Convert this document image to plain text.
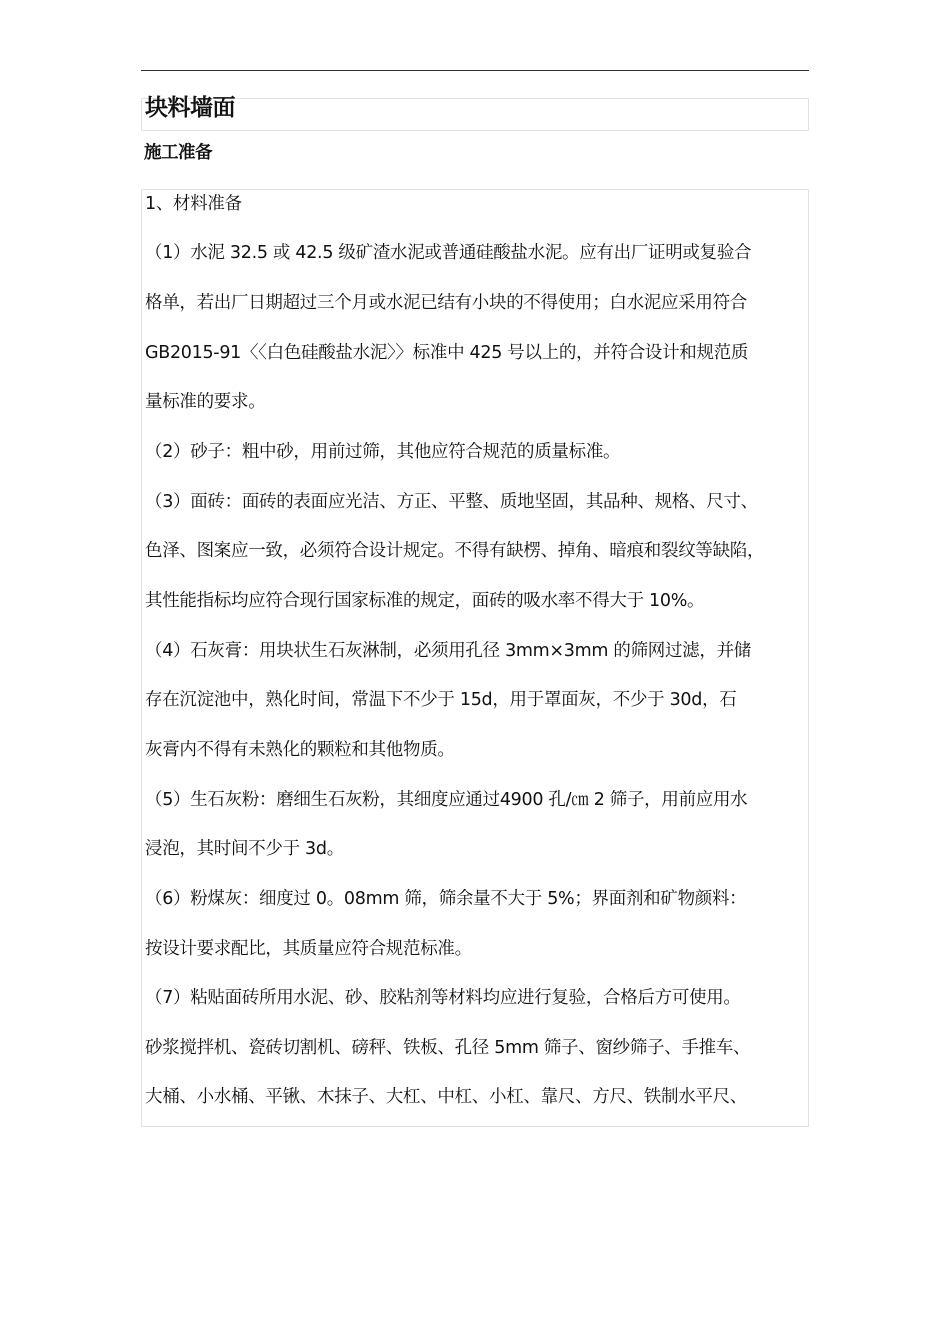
块料墙面
施工准备

1、材料准备

（1）水泥 32.5 或 42.5 级矿渣水泥或普通硅酸盐水泥。应有出厂证明或复验合

格单，若出厂日期超过三个月或水泥已结有小块的不得使用；白水泥应采用符合

GB2015-91〈〈白色硅酸盐水泥〉〉标准中 425 号以上的，并符合设计和规范质

量标准的要求。

（2）砂子：粗中砂，用前过筛，其他应符合规范的质量标准。

（3）面砖：面砖的表面应光洁、方正、平整、质地坚固，其品种、规格、尺寸、

色泽、图案应一致，必须符合设计规定。不得有缺楞、掉角、暗痕和裂纹等缺陷，

其性能指标均应符合现行国家标准的规定，面砖的吸水率不得大于 10%。

（4）石灰膏：用块状生石灰淋制，必须用孔径 3mm×3mm 的筛网过滤，并储

存在沉淀池中，熟化时间，常温下不少于 15d，用于罩面灰，不少于 30d，石

灰膏内不得有未熟化的颗粒和其他物质。

（5）生石灰粉：磨细生石灰粉，其细度应通过4900 孔/㎝ 2 筛子，用前应用水

浸泡，其时间不少于 3d。

（6）粉煤灰：细度过 0。08mm 筛，筛余量不大于 5%；界面剂和矿物颜料：

按设计要求配比，其质量应符合规范标准。

（7）粘贴面砖所用水泥、砂、胶粘剂等材料均应进行复验，合格后方可使用。

砂浆搅拌机、瓷砖切割机、磅秤、铁板、孔径 5mm 筛子、窗纱筛子、手推车、

大桶、小水桶、平锹、木抹子、大杠、中杠、小杠、靠尺、方尺、铁制水平尺、
